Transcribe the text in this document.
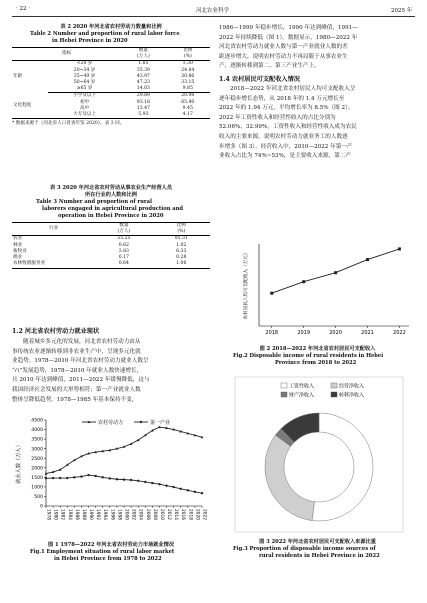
· 22 ·	河北农业科学	2025 年
表 2 2020 年河北省农村劳动力数量和比例
Table 2 Number and proportion of rural labor force
in Hebei Province in 2020
指标		数量
(万人)	比例
(%)
年龄	<20 岁	1.85	1.30
	20~34 岁	35.39	24.84
	35~49 岁	43.97	30.86
	50~64 岁	47.23	33.15
	≥65 岁	14.03	9.85
文化程度	小学及以下	29.89	20.98
	初中	93.18	65.40
	高中	13.47	9.45
	大专及以上	5.93	4.17
* 数据来源于《河北省人口普查年鉴 2020》。表 3 同。
表 3 2020 年河北省农村劳动从事农业生产经营人员
所在行业的人数和比例
Table 3 Number and proportion of rural
laborers engaged in agricultural production and
operation in Hebei Province in 2020
行业	数量
(万人)	比例
(%)
农业	55.25	91.31
林业	0.62	1.02
畜牧业	3.83	6.33
渔业	0.17	0.28
农林牧渔服务业	0.64	1.06
1.2 河北省农村劳动力就业现状
随着城乡多元化的发展，河北省农村劳动力由从
事传统农业逐渐转移到非农业生产中，呈现多元化就
业趋势。1978—2010 年河北省农村劳动力就业人数呈
“∩”发展趋势，1978—2010 年就业人数快速增长，
且 2010 年达到峰值，2011—2022 年缓慢降低，这与
我国经济社会发展的大形势相符；第一产业就业人数
整体呈降低趋势，1978—1985 年基本保持不变，
0
500
1000
1500
2000
2500
3000
3500
4000
4500
1978 1980 1982 1984 1986 1988 1990 1992 1994 1996 1998 2000 2002 2004 2006 2008 2010 2012 2014 2016 2018 2020 2022
就业人数（万人）
农村劳动力	第一产业
图 1 1978—2022 年河北省农村劳动力市场就业情况
Fig.1 Employment situation of rural labor market
in Hebei Province from 1978 to 2022
1986—1999 年稳步增长，1990 年达到峰值，1991—
2022 年持续降低（图 1）。数据显示，1980—2022 年
河北省农村劳动力就业人数与第一产业就业人数的差
距逐步增大，说明农村劳动力不再局限于从事农业生
产，逐渐转移到第二、第三产业生产上。
1.4 农村居民可支配收入情况
2018—2022 年河北省农村居民人均可支配收入呈
逐年稳步增长态势，从 2018 年的 1.4 万元增长至
2022 年的 1.94 万元，平均增长率为 8.5%（图 2）。
2022 年工资性收入和经营性收入的占比分别为
52.06%、32.99%，工资性收入和经营性收入成为农民
收入的主要来源，说明农村劳动力就业务工的人数逐
步增多（图 3）。经营收入中，2010—2022 年第一产
业收入占比为 74%~53%，是主要收入来源，第二产
2018	2019	2020	2021	2022
农村居民人均可支配收入（万元）
图 2 2018—2022 年河北省农村居民可支配收入
Fig.2 Disposable income of rural residents in Hebei
Province from 2018 to 2022
工资性收入	经营净收入
财产净收入	转移净收入
图 3 2022 年河北省农村居民可支配收入来源比重
Fig.3 Proportion of disposable income sources of
rural residents in Hebei Province in 2022
